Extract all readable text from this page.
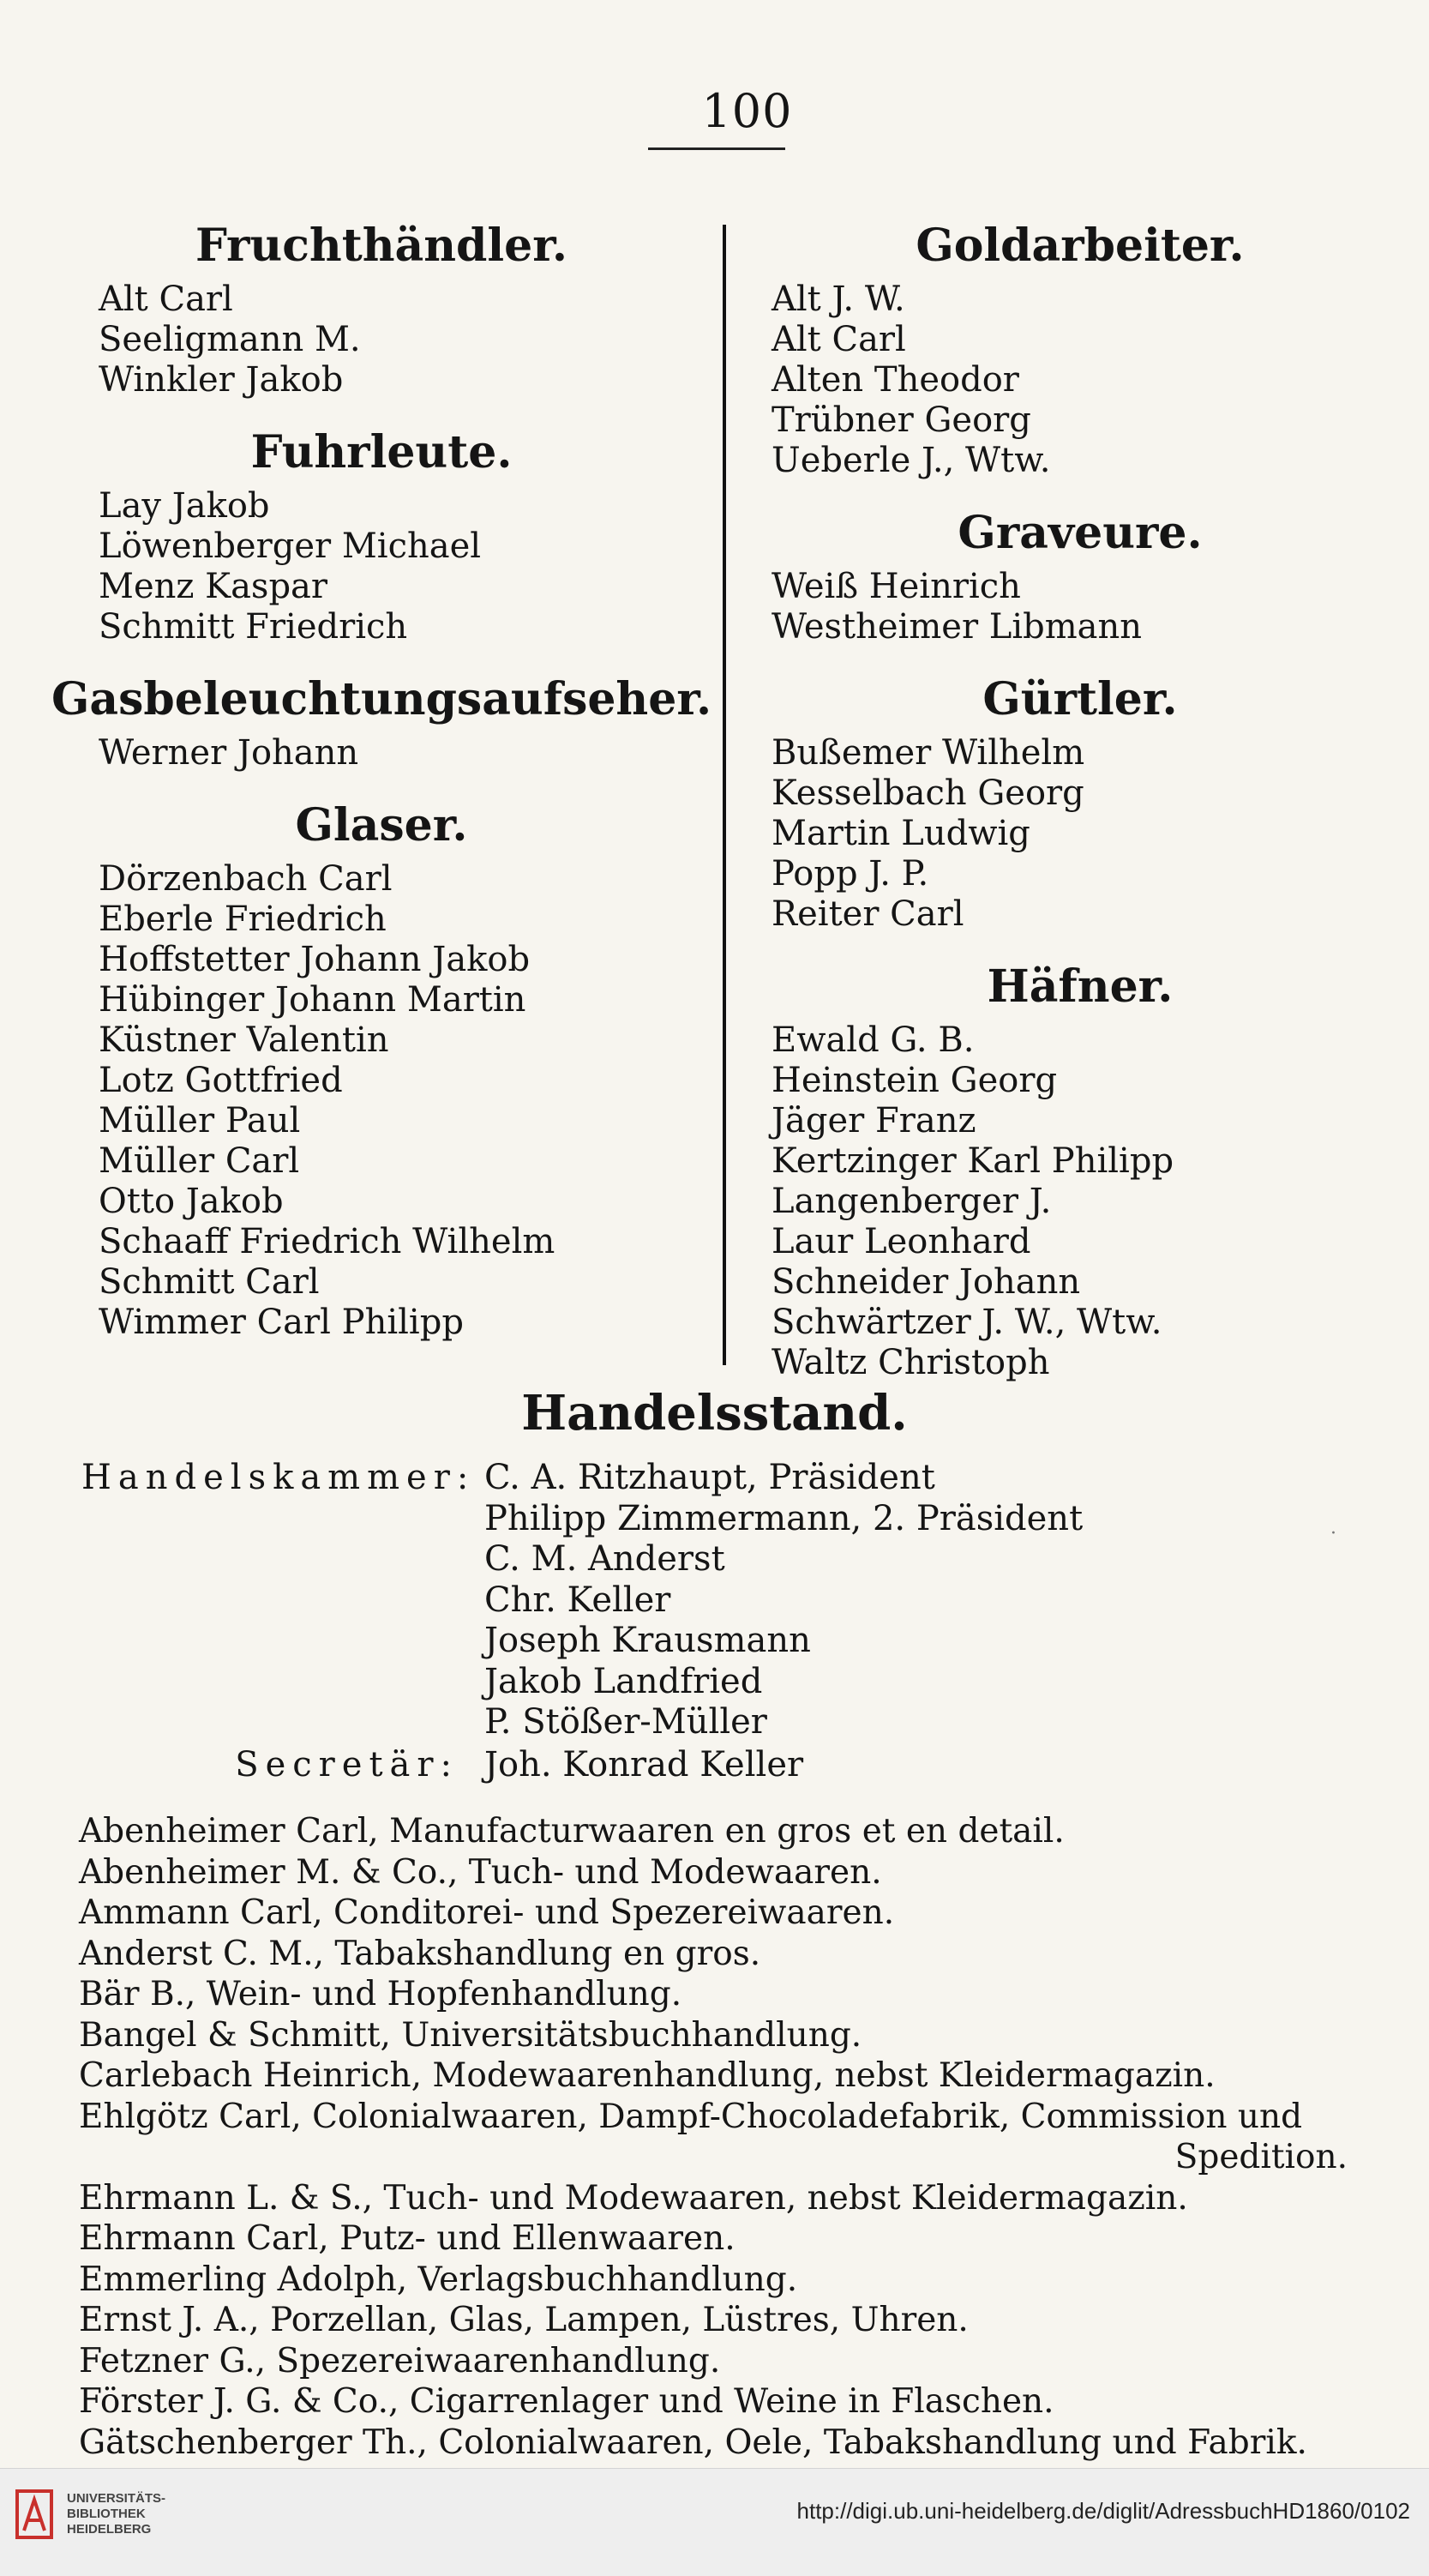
100
Fruchthändler.
Alt Carl
Seeligmann M.
Winkler Jakob
Fuhrleute.
Lay Jakob
Löwenberger Michael
Menz Kaspar
Schmitt Friedrich
Gasbeleuchtungsaufseher.
Werner Johann
Glaser.
Dörzenbach Carl
Eberle Friedrich
Hoffstetter Johann Jakob
Hübinger Johann Martin
Küstner Valentin
Lotz Gottfried
Müller Paul
Müller Carl
Otto Jakob
Schaaff Friedrich Wilhelm
Schmitt Carl
Wimmer Carl Philipp
Goldarbeiter.
Alt J. W.
Alt Carl
Alten Theodor
Trübner Georg
Ueberle J., Wtw.
Graveure.
Weiß Heinrich
Westheimer Libmann
Gürtler.
Bußemer Wilhelm
Kesselbach Georg
Martin Ludwig
Popp J. P.
Reiter Carl
Häfner.
Ewald G. B.
Heinstein Georg
Jäger Franz
Kertzinger Karl Philipp
Langenberger J.
Laur Leonhard
Schneider Johann
Schwärtzer J. W., Wtw.
Waltz Christoph
Handelsstand.
Handelskammer: C. A. Ritzhaupt, Präsident
Philipp Zimmermann, 2. Präsident
C. M. Anderst
Chr. Keller
Joseph Krausmann
Jakob Landfried
P. Stößer-Müller
Secretär: Joh. Konrad Keller
Abenheimer Carl, Manufacturwaaren en gros et en detail.
Abenheimer M. & Co., Tuch- und Modewaaren.
Ammann Carl, Conditorei- und Spezereiwaaren.
Anderst C. M., Tabakshandlung en gros.
Bär B., Wein- und Hopfenhandlung.
Bangel & Schmitt, Universitätsbuchhandlung.
Carlebach Heinrich, Modewaarenhandlung, nebst Kleidermagazin.
Ehlgötz Carl, Colonialwaaren, Dampf-Chocoladefabrik, Commission und
Spedition.
Ehrmann L. & S., Tuch- und Modewaaren, nebst Kleidermagazin.
Ehrmann Carl, Putz- und Ellenwaaren.
Emmerling Adolph, Verlagsbuchhandlung.
Ernst J. A., Porzellan, Glas, Lampen, Lüstres, Uhren.
Fetzner G., Spezereiwaarenhandlung.
Förster J. G. & Co., Cigarrenlager und Weine in Flaschen.
Gätschenberger Th., Colonialwaaren, Oele, Tabakshandlung und Fabrik.
UNIVERSITÄTS-
BIBLIOTHEK
HEIDELBERG
http://digi.ub.uni-heidelberg.de/diglit/AdressbuchHD1860/0102
·
